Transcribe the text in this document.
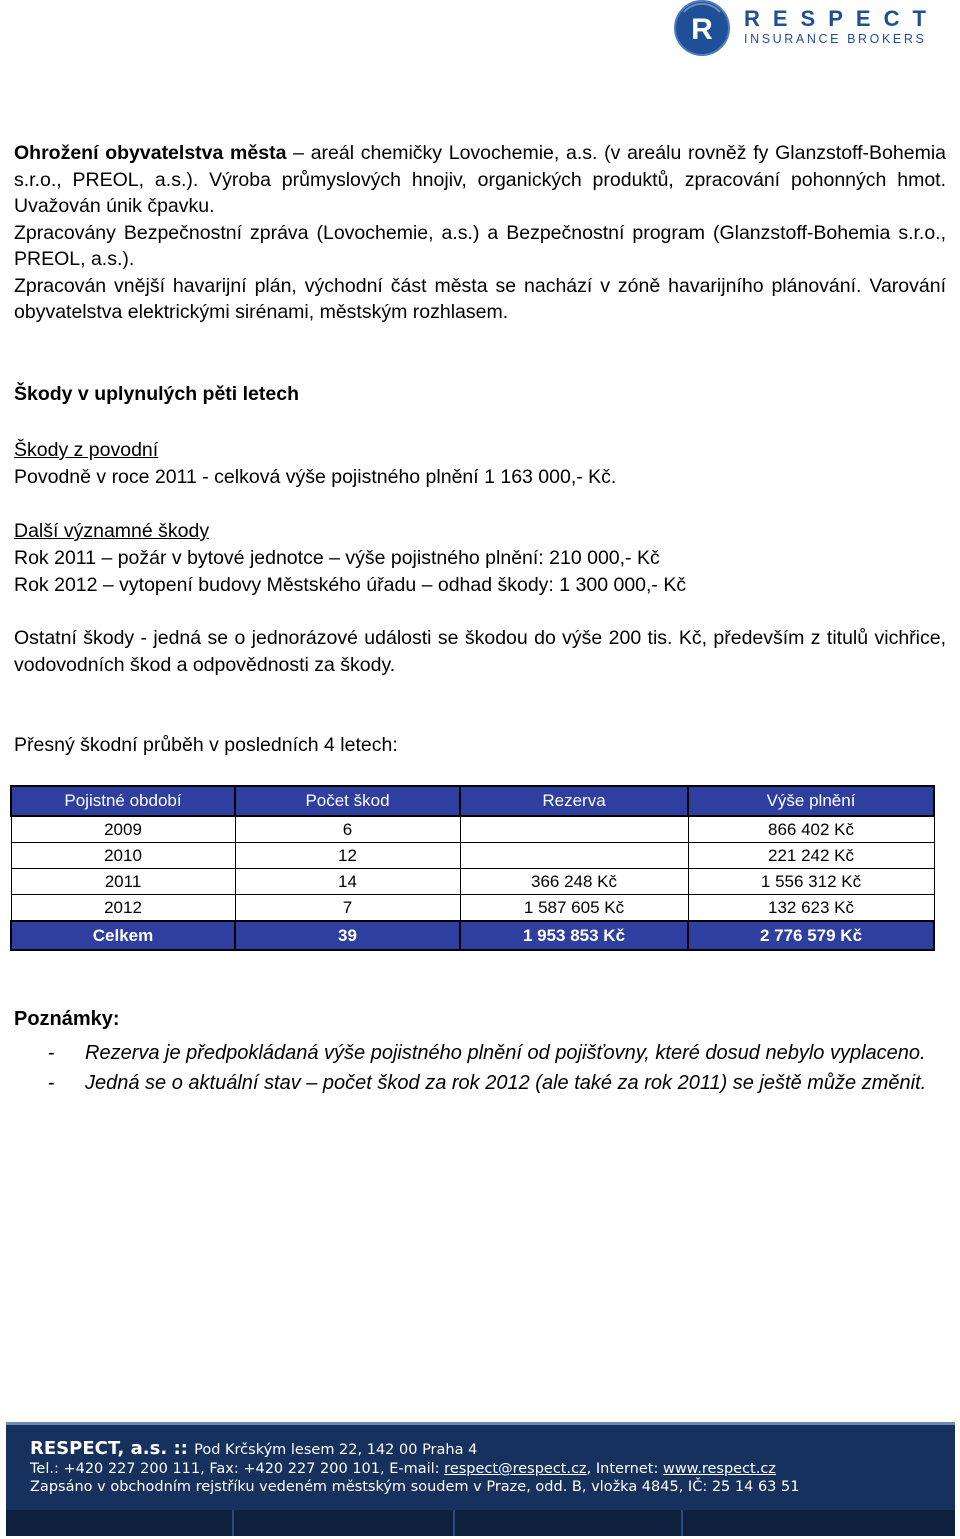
R RESPECT
INSURANCE BROKERS

Ohrožení obyvatelstva města – areál chemičky Lovochemie, a.s. (v areálu rovněž fy Glanzstoff-Bohemia s.r.o., PREOL, a.s.). Výroba průmyslových hnojiv, organických produktů, zpracování pohonných hmot. Uvažován únik čpavku.

Zpracovány Bezpečnostní zpráva (Lovochemie, a.s.) a Bezpečnostní program (Glanzstoff-Bohemia s.r.o., PREOL, a.s.).

Zpracován vnější havarijní plán, východní část města se nachází v zóně havarijního plánování. Varování obyvatelstva elektrickými sirénami, městským rozhlasem.

Škody v uplynulých pěti letech
Škody z povodní
Povodně v roce 2011 - celková výše pojistného plnění 1 163 000,- Kč.
Další významné škody
Rok 2011 – požár v bytové jednotce – výše pojistného plnění: 210 000,- Kč
Rok 2012 – vytopení budovy Městského úřadu – odhad škody: 1 300 000,- Kč
Ostatní škody - jedná se o jednorázové události se škodou do výše 200 tis. Kč, především z titulů vichřice, vodovodních škod a odpovědnosti za škody.
Přesný škodní průběh v posledních 4 letech:
Pojistné období	Počet škod	Rezerva	Výše plnění
2009	6		866 402 Kč
2010	12		221 242 Kč
2011	14	366 248 Kč	1 556 312 Kč
2012	7	1 587 605 Kč	132 623 Kč
Celkem	39	1 953 853 Kč	2 776 579 Kč
Poznámky:

- Rezerva je předpokládaná výše pojistného plnění od pojišťovny, které dosud nebylo vyplaceno.

- Jedná se o aktuální stav – počet škod za rok 2012 (ale také za rok 2011) se ještě může změnit.

RESPECT, a.s. :: Pod Krčským lesem 22, 142 00 Praha 4
Tel.: +420 227 200 111, Fax: +420 227 200 101, E-mail: respect@respect.cz, Internet: www.respect.cz
Zapsáno v obchodním rejstříku vedeném městským soudem v Praze, odd. B, vložka 4845, IČ: 25 14 63 51
